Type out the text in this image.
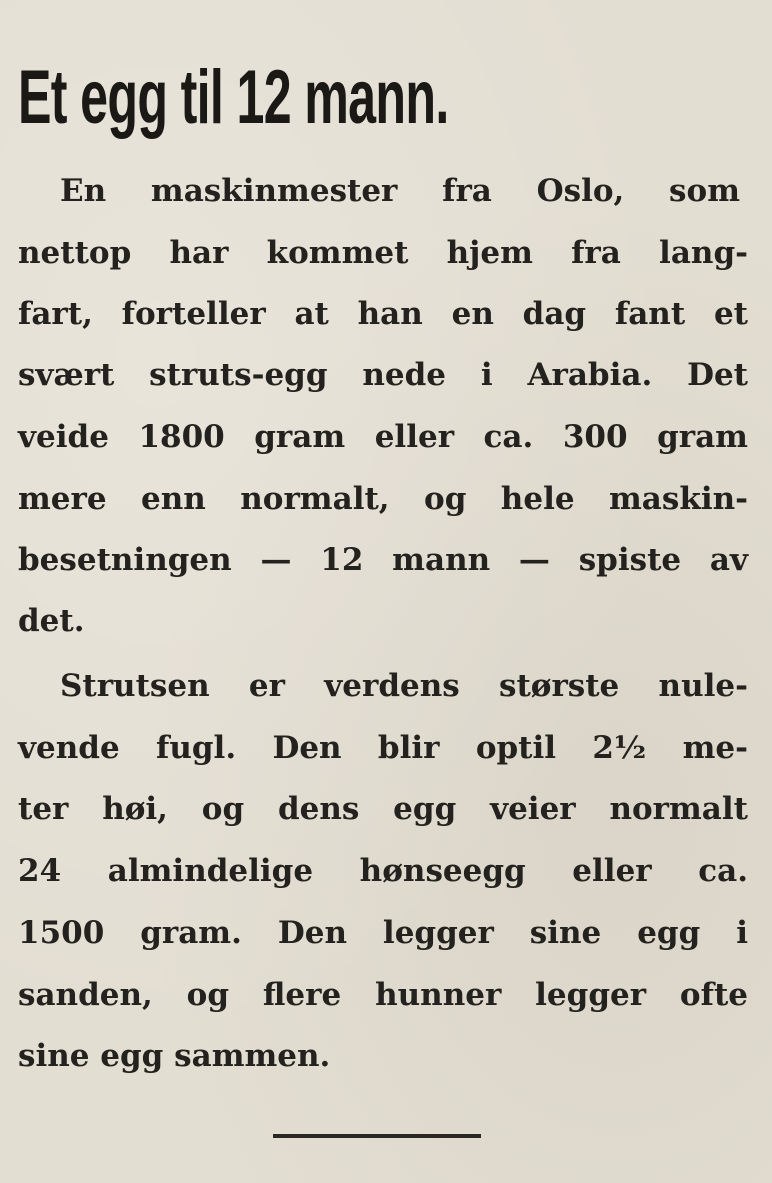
Et egg til 12 mann.
En maskinmester fra Oslo, som
nettop har kommet hjem fra lang-
fart, forteller at han en dag fant et
svært struts-egg nede i Arabia. Det
veide 1800 gram eller ca. 300 gram
mere enn normalt, og hele maskin-
besetningen — 12 mann — spiste av
det.
Strutsen er verdens største nule-
vende fugl. Den blir optil 2½ me-
ter høi, og dens egg veier normalt
24 almindelige hønseegg eller ca.
1500 gram. Den legger sine egg i
sanden, og flere hunner legger ofte
sine egg sammen.
